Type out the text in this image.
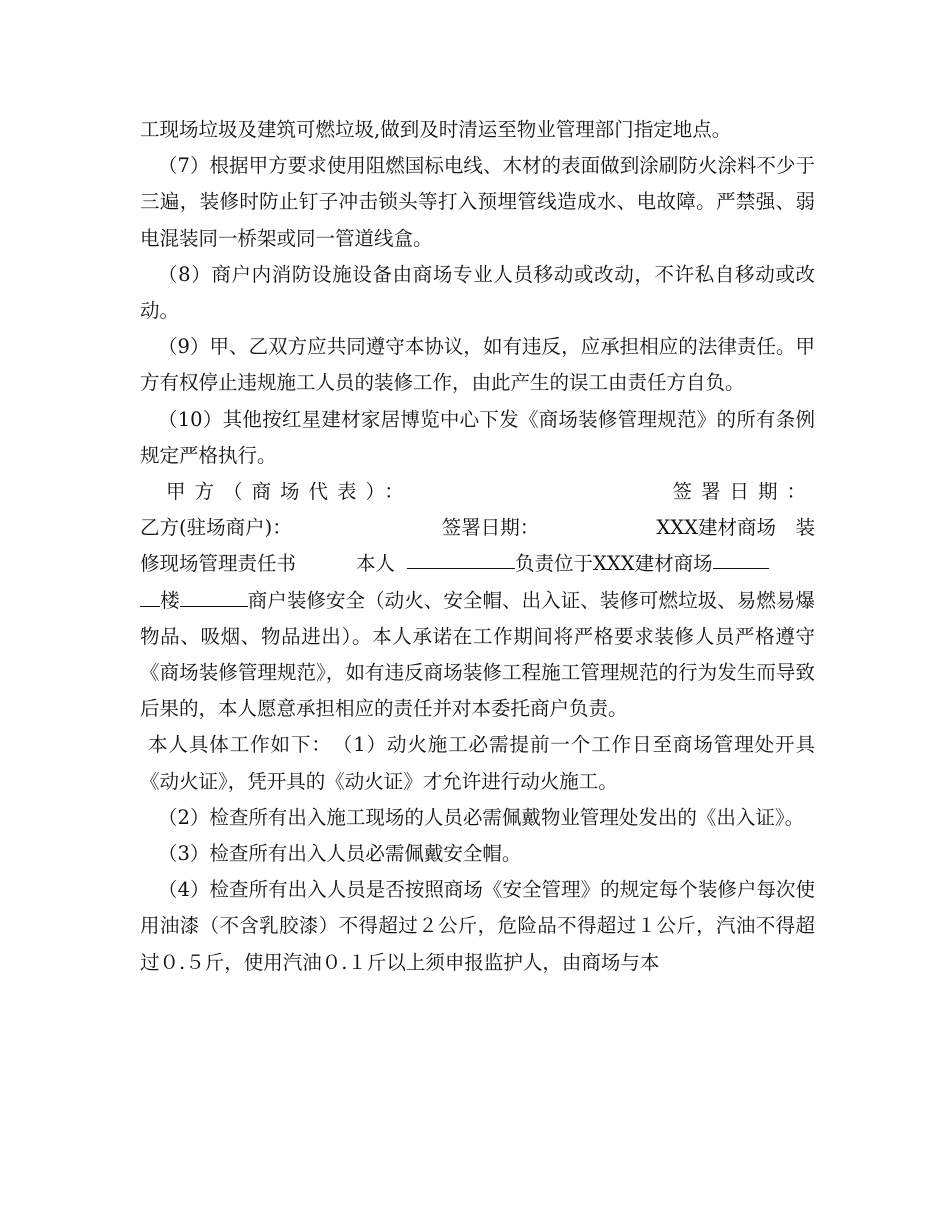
工现场垃圾及建筑可燃垃圾,做到及时清运至物业管理部门指定地点。

（7）根据甲方要求使用阻燃国标电线、木材的表面做到涂刷防火涂料不少于三遍，装修时防止钉子冲击锁头等打入预埋管线造成水、电故障。严禁强、弱电混装同一桥架或同一管道线盒。

（8）商户内消防设施设备由商场专业人员移动或改动，不许私自移动或改动。

（9）甲、乙双方应共同遵守本协议，如有违反，应承担相应的法律责任。甲方有权停止违规施工人员的装修工作，由此产生的误工由责任方自负。

（10）其他按红星建材家居博览中心下发《商场装修管理规范》的所有条例规定严格执行。

甲方（商场代表）：	签署日期：
乙方(驻场商户)：	签署日期：	XXX建材商场　装
修现场管理责任书	本人	负责位于XXX建材商场

楼	商户装修安全（动火、安全帽、出入证、装修可燃垃圾、易燃易爆物品、吸烟、物品进出）。本人承诺在工作期间将严格要求装修人员严格遵守《商场装修管理规范》，如有违反商场装修工程施工管理规范的行为发生而导致后果的，本人愿意承担相应的责任并对本委托商户负责。

本人具体工作如下：　（1）动火施工必需提前一个工作日至商场管理处开具《动火证》，凭开具的《动火证》才允许进行动火施工。

（2）检查所有出入施工现场的人员必需佩戴物业管理处发出的《出入证》。

（3）检查所有出入人员必需佩戴安全帽。

（4）检查所有出入人员是否按照商场《安全管理》的规定每个装修户每次使用油漆（不含乳胶漆）不得超过２公斤，危险品不得超过１公斤，汽油不得超过０.５斤，使用汽油０.１斤以上须申报监护人，由商场与本
